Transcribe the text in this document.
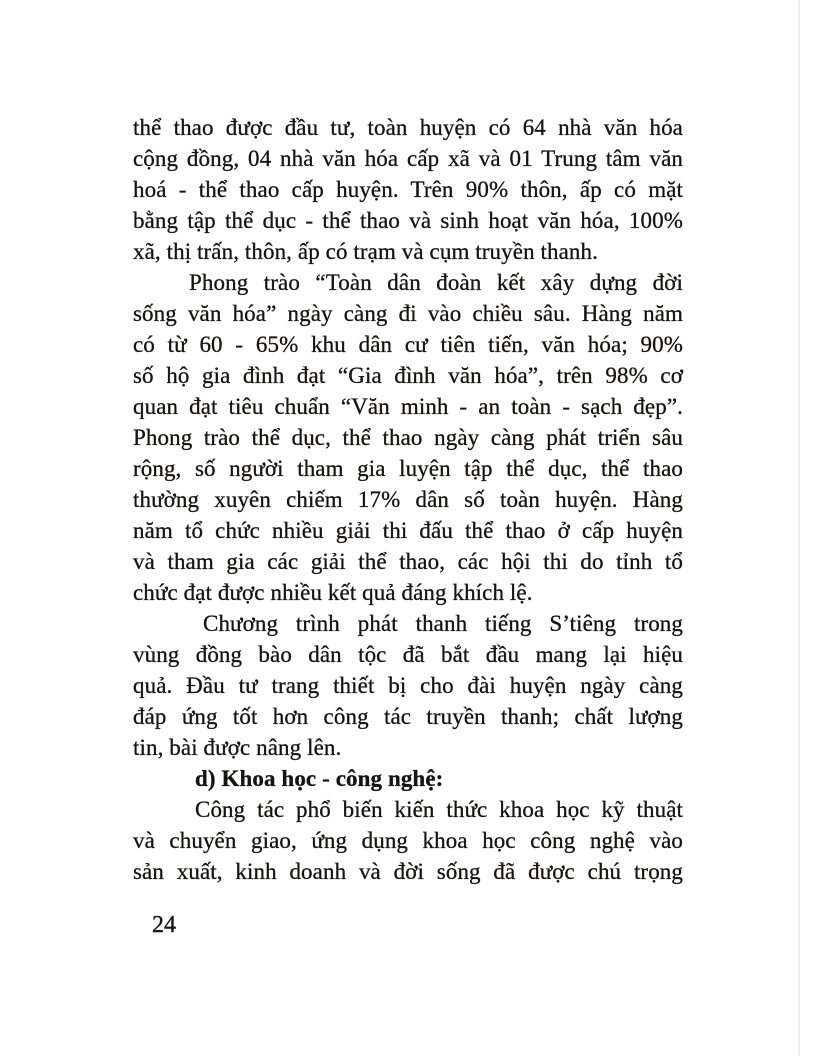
thể thao được đầu tư, toàn huyện có 64 nhà văn hóa
cộng đồng, 04 nhà văn hóa cấp xã và 01 Trung tâm văn
hoá - thể thao cấp huyện. Trên 90% thôn, ấp có mặt
bằng tập thể dục - thể thao và sinh hoạt văn hóa, 100%
xã, thị trấn, thôn, ấp có trạm và cụm truyền thanh.
Phong trào “Toàn dân đoàn kết xây dựng đời
sống văn hóa” ngày càng đi vào chiều sâu. Hàng năm
có từ 60 - 65% khu dân cư tiên tiến, văn hóa; 90%
số hộ gia đình đạt “Gia đình văn hóa”, trên 98% cơ
quan đạt tiêu chuẩn “Văn minh - an toàn - sạch đẹp”.
Phong trào thể dục, thể thao ngày càng phát triển sâu
rộng, số người tham gia luyện tập thể dục, thể thao
thường xuyên chiếm 17% dân số toàn huyện. Hàng
năm tổ chức nhiều giải thi đấu thể thao ở cấp huyện
và tham gia các giải thể thao, các hội thi do tỉnh tổ
chức đạt được nhiều kết quả đáng khích lệ.
Chương trình phát thanh tiếng S’tiêng trong
vùng đồng bào dân tộc đã bắt đầu mang lại hiệu
quả. Đầu tư trang thiết bị cho đài huyện ngày càng
đáp ứng tốt hơn công tác truyền thanh; chất lượng
tin, bài được nâng lên.
d) Khoa học - công nghệ:
Công tác phổ biến kiến thức khoa học kỹ thuật
và chuyển giao, ứng dụng khoa học công nghệ vào
sản xuất, kinh doanh và đời sống đã được chú trọng
24
